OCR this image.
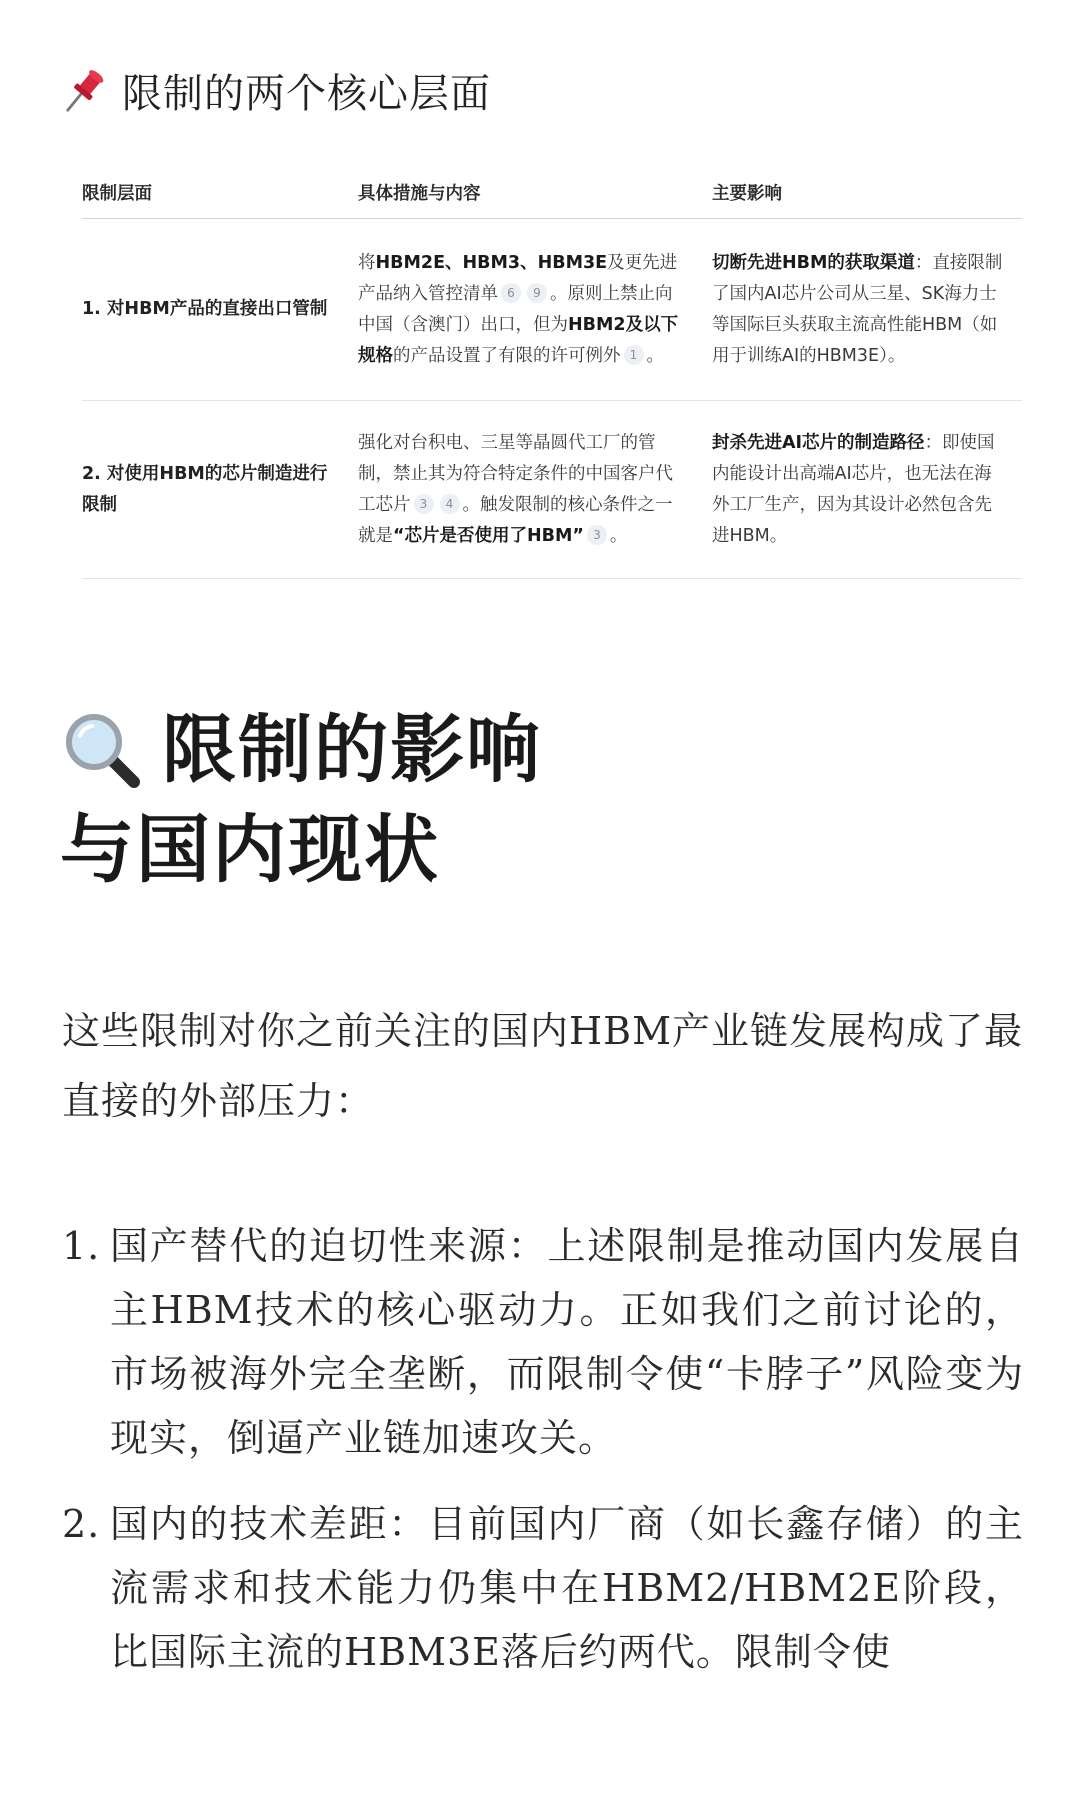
限制的两个核心层面
限制层面	具体措施与内容	主要影响
1. 对HBM产品的直接出口管制	将HBM2E、HBM3、HBM3E及更先进产品纳入管控清单 6 9 。原则上禁止向中国（含澳门）出口，但为HBM2及以下规格的产品设置了有限的许可例外 1 。	切断先进HBM的获取渠道：直接限制了国内AI芯片公司从三星、SK海力士等国际巨头获取主流高性能HBM（如用于训练AI的HBM3E）。
2. 对使用HBM的芯片制造进行限制	强化对台积电、三星等晶圆代工厂的管制，禁止其为符合特定条件的中国客户代工芯片 3 4 。触发限制的核心条件之一就是“芯片是否使用了HBM” 3 。	封杀先进AI芯片的制造路径：即使国内能设计出高端AI芯片，也无法在海外工厂生产，因为其设计必然包含先进HBM。
限制的影响
与国内现状
这些限制对你之前关注的国内HBM产业链发展构成了最直接的外部压力：
1. 国产替代的迫切性来源：上述限制是推动国内发展自主HBM技术的核心驱动力。正如我们之前讨论的，市场被海外完全垄断，而限制令使“卡脖子”风险变为现实，倒逼产业链加速攻关。
2. 国内的技术差距：目前国内厂商（如长鑫存储）的主流需求和技术能力仍集中在HBM2/HBM2E阶段，比国际主流的HBM3E落后约两代。限制令使
